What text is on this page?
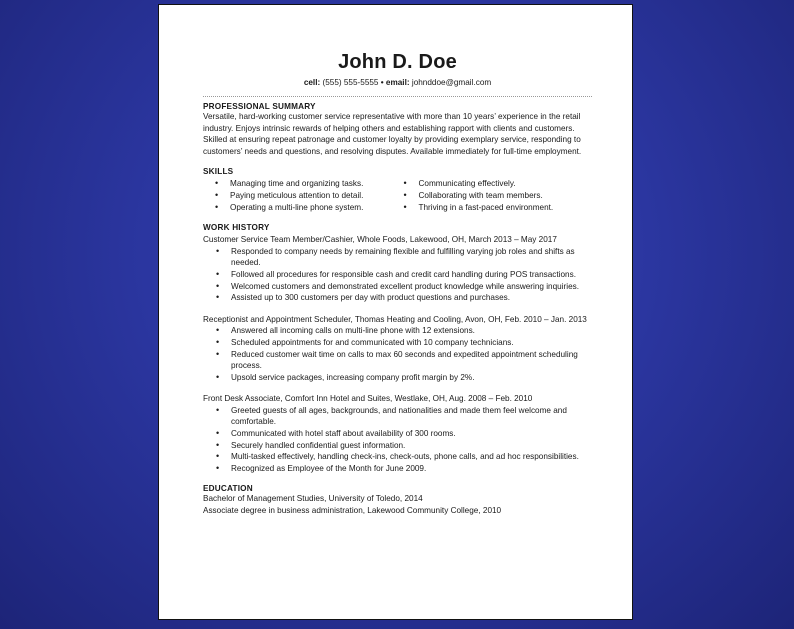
John D. Doe
cell: (555) 555-5555 • email: johnddoe@gmail.com
PROFESSIONAL SUMMARY
Versatile, hard-working customer service representative with more than 10 years’ experience in the retail industry. Enjoys intrinsic rewards of helping others and establishing rapport with clients and customers. Skilled at ensuring repeat patronage and customer loyalty by providing exemplary service, responding to customers’ needs and questions, and resolving disputes. Available immediately for full-time employment.
SKILLS
• Managing time and organizing tasks.
• Paying meticulous attention to detail.
• Operating a multi-line phone system.
• Communicating effectively.
• Collaborating with team members.
• Thriving in a fast-paced environment.
WORK HISTORY
Customer Service Team Member/Cashier, Whole Foods, Lakewood, OH, March 2013 – May 2017
• Responded to company needs by remaining flexible and fulfilling varying job roles and shifts as needed.
• Followed all procedures for responsible cash and credit card handling during POS transactions.
• Welcomed customers and demonstrated excellent product knowledge while answering inquiries.
• Assisted up to 300 customers per day with product questions and purchases.
Receptionist and Appointment Scheduler, Thomas Heating and Cooling, Avon, OH, Feb. 2010 – Jan. 2013
• Answered all incoming calls on multi-line phone with 12 extensions.
• Scheduled appointments for and communicated with 10 company technicians.
• Reduced customer wait time on calls to max 60 seconds and expedited appointment scheduling process.
• Upsold service packages, increasing company profit margin by 2%.
Front Desk Associate, Comfort Inn Hotel and Suites, Westlake, OH, Aug. 2008 – Feb. 2010
• Greeted guests of all ages, backgrounds, and nationalities and made them feel welcome and comfortable.
• Communicated with hotel staff about availability of 300 rooms.
• Securely handled confidential guest information.
• Multi-tasked effectively, handling check-ins, check-outs, phone calls, and ad hoc responsibilities.
• Recognized as Employee of the Month for June 2009.
EDUCATION
Bachelor of Management Studies, University of Toledo, 2014
Associate degree in business administration, Lakewood Community College, 2010
